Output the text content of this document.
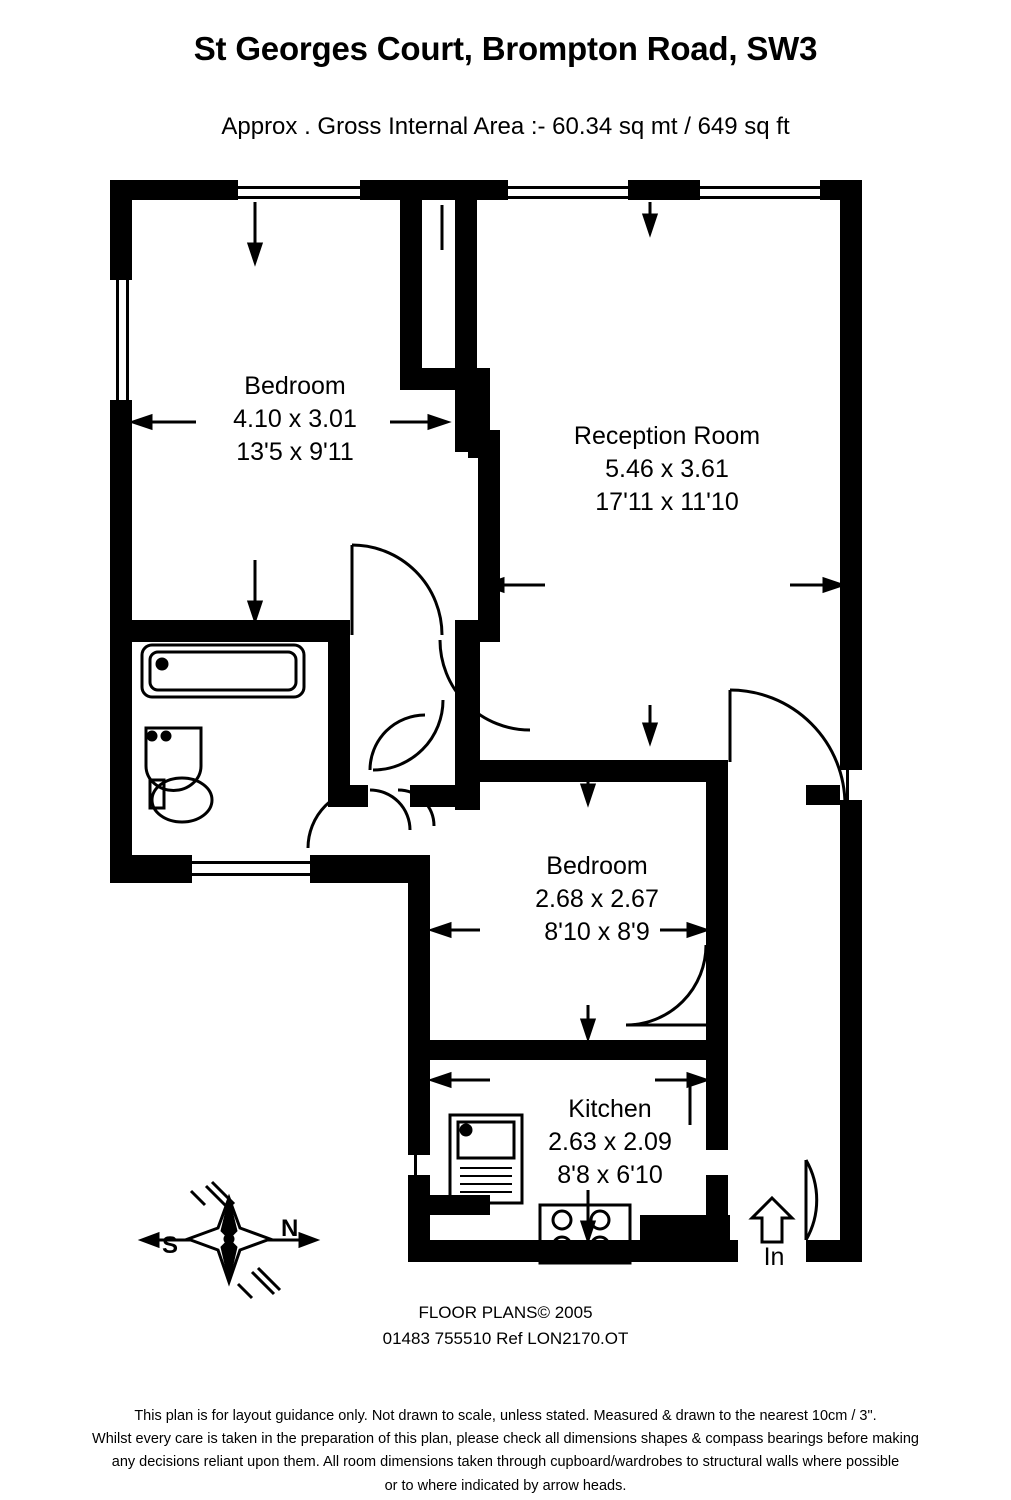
St Georges Court, Brompton Road, SW3
Approx . Gross Internal Area :- 60.34 sq mt / 649 sq ft
Bedroom
4.10 x 3.01
13'5 x 9'11
Reception Room
5.46 x 3.61
17'11 x 11'10
Bedroom
2.68 x 2.67
8'10 x 8'9
Kitchen
2.63 x 2.09
8'8 x 6'10
In
S
N
FLOOR PLANS© 2005
01483 755510 Ref LON2170.OT
This plan is for layout guidance only. Not drawn to scale, unless stated. Measured & drawn to the nearest 10cm / 3".
Whilst every care is taken in the preparation of this plan, please check all dimensions shapes & compass bearings before making
any decisions reliant upon them. All room dimensions taken through cupboard/wardrobes to structural walls where possible
or to where indicated by arrow heads.
